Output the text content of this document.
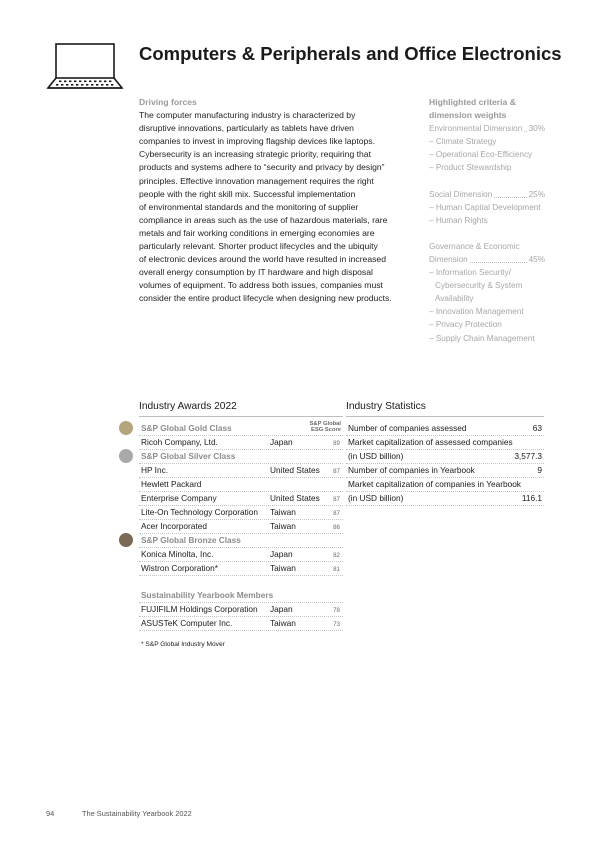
Computers & Peripherals and Office Electronics
Driving forces
The computer manufacturing industry is characterized by
disruptive innovations, particularly as tablets have driven
companies to invest in improving flagship devices like laptops.
Cybersecurity is an increasing strategic priority, requiring that
products and systems adhere to “security and privacy by design”
principles. Effective innovation management requires the right
people with the right skill mix. Successful implementation
of environmental standards and the monitoring of supplier
compliance in areas such as the use of hazardous materials, rare
metals and fair working conditions in emerging economies are
particularly relevant. Shorter product lifecycles and the ubiquity
of electronic devices around the world have resulted in increased
overall energy consumption by IT hardware and high disposal
volumes of equipment. To address both issues, companies must
consider the entire product lifecycle when designing new products.
Highlighted criteria &
dimension weights
Environmental Dimension 30%
– Climate Strategy
– Operational Eco-Efficiency
– Product Stewardship
Social Dimension	25%
– Human Capital Development
– Human Rights
Governance & Economic
Dimension	45%
– Information Security/
Cybersecurity & System
Availability
– Innovation Management
– Privacy Protection
– Supply Chain Management
Industry Awards 2022
S&P Global Gold Class	S&P Global
ESG Score
Ricoh Company, Ltd.	Japan	89
S&P Global Silver Class
HP Inc.	United States 87
Hewlett Packard
Enterprise Company	United States 87
Lite-On Technology Corporation Taiwan	87
Acer Incorporated	Taiwan	86
S&P Global Bronze Class
Konica Minolta, Inc.	Japan	82
Wistron Corporation*	Taiwan	81
Sustainability Yearbook Members
FUJIFILM Holdings Corporation Japan	78
ASUSTeK Computer Inc.	Taiwan	73
* S&P Global Industry Mover
Industry Statistics
Number of companies assessed	63
Market capitalization of assessed companies
(in USD billion)	3,577.3
Number of companies in Yearbook	9
Market capitalization of companies in Yearbook
(in USD billion)	116.1
94	The Sustainability Yearbook 2022
